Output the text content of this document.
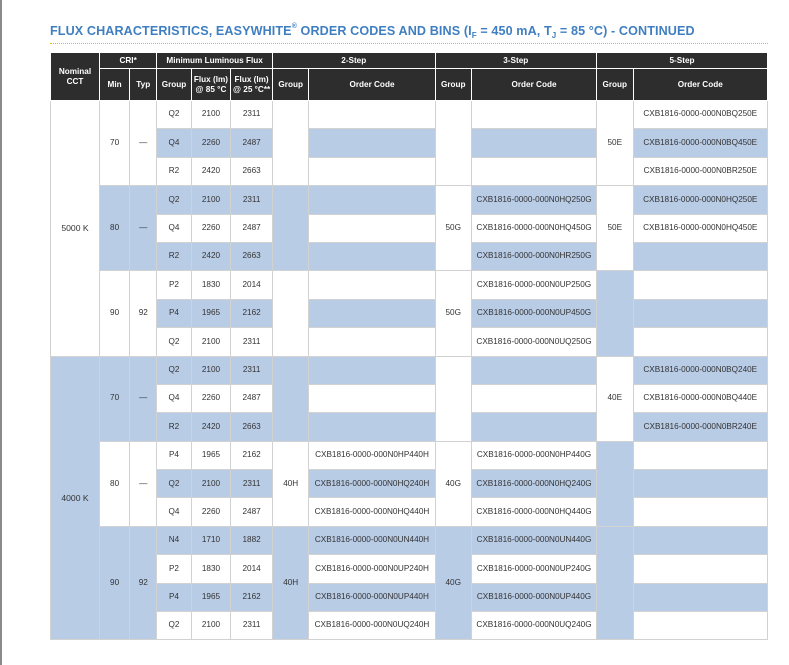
FLUX CHARACTERISTICS, EASYWHITE® ORDER CODES AND BINS ($I_F = 450$ mA, $T_J = 85$ °C) - CONTINUED
Nominal CCT	CRI*		Minimum Luminous Flux			2-Step		3-Step		5-Step	
	Min	Typ	Group	Flux (lm) @ 85 °C	Flux (lm) @ 25 °C**	Group	Order Code	Group	Order Code	Group	Order Code
5000 K	70	—	Q2	2100	2311					50E	CXB1816-0000-000N0BQ250E
			Q4	2260	2487						CXB1816-0000-000N0BQ450E
			R2	2420	2663						CXB1816-0000-000N0BR250E
	80	—	Q2	2100	2311			50G	CXB1816-0000-000N0HQ250G	50E	CXB1816-0000-000N0HQ250E
			Q4	2260	2487				CXB1816-0000-000N0HQ450G		CXB1816-0000-000N0HQ450E
			R2	2420	2663				CXB1816-0000-000N0HR250G		
	90	92	P2	1830	2014			50G	CXB1816-0000-000N0UP250G		
			P4	1965	2162				CXB1816-0000-000N0UP450G		
			Q2	2100	2311				CXB1816-0000-000N0UQ250G		
4000 K	70	—	Q2	2100	2311					40E	CXB1816-0000-000N0BQ240E
			Q4	2260	2487						CXB1816-0000-000N0BQ440E
			R2	2420	2663						CXB1816-0000-000N0BR240E
	80	—	P4	1965	2162	40H	CXB1816-0000-000N0HP440H	40G	CXB1816-0000-000N0HP440G		
			Q2	2100	2311		CXB1816-0000-000N0HQ240H		CXB1816-0000-000N0HQ240G		
			Q4	2260	2487		CXB1816-0000-000N0HQ440H		CXB1816-0000-000N0HQ440G		
	90	92	N4	1710	1882	40H	CXB1816-0000-000N0UN440H	40G	CXB1816-0000-000N0UN440G		
			P2	1830	2014		CXB1816-0000-000N0UP240H		CXB1816-0000-000N0UP240G		
			P4	1965	2162		CXB1816-0000-000N0UP440H		CXB1816-0000-000N0UP440G		
			Q2	2100	2311		CXB1816-0000-000N0UQ240H		CXB1816-0000-000N0UQ240G		
